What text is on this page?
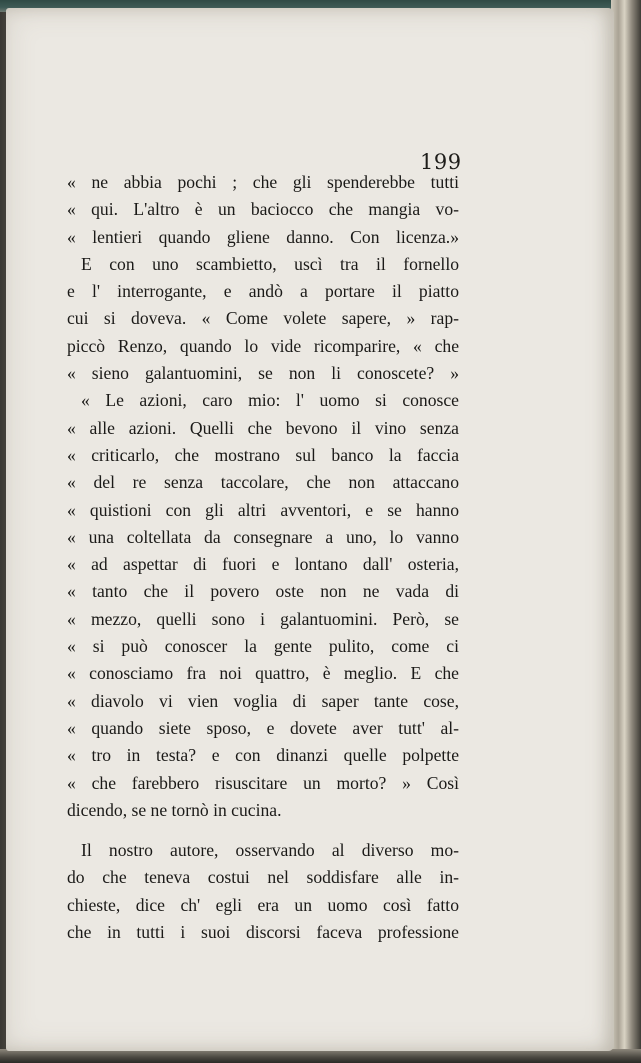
199

« ne abbia pochi ; che gli spenderebbe tutti
« qui. L'altro è un baciocco che mangia vo-
« lentieri quando gliene danno. Con licenza.»
E con uno scambietto, uscì tra il fornello
e l' interrogante, e andò a portare il piatto
cui si doveva. « Come volete sapere, » rap-
piccò Renzo, quando lo vide ricomparire, « che
« sieno galantuomini, se non li conoscete? »
« Le azioni, caro mio: l' uomo si conosce
« alle azioni. Quelli che bevono il vino senza
« criticarlo, che mostrano sul banco la faccia
« del re senza taccolare, che non attaccano
« quistioni con gli altri avventori, e se hanno
« una coltellata da consegnare a uno, lo vanno
« ad aspettar di fuori e lontano dall' osteria,
« tanto che il povero oste non ne vada di
« mezzo, quelli sono i galantuomini. Però, se
« si può conoscer la gente pulito, come ci
« conosciamo fra noi quattro, è meglio. E che
« diavolo vi vien voglia di saper tante cose,
« quando siete sposo, e dovete aver tutt' al-
« tro in testa? e con dinanzi quelle polpette
« che farebbero risuscitare un morto? » Così
dicendo, se ne tornò in cucina.
Il nostro autore, osservando al diverso mo-
do che teneva costui nel soddisfare alle in-
chieste, dice ch' egli era un uomo così fatto
che in tutti i suoi discorsi faceva professione
